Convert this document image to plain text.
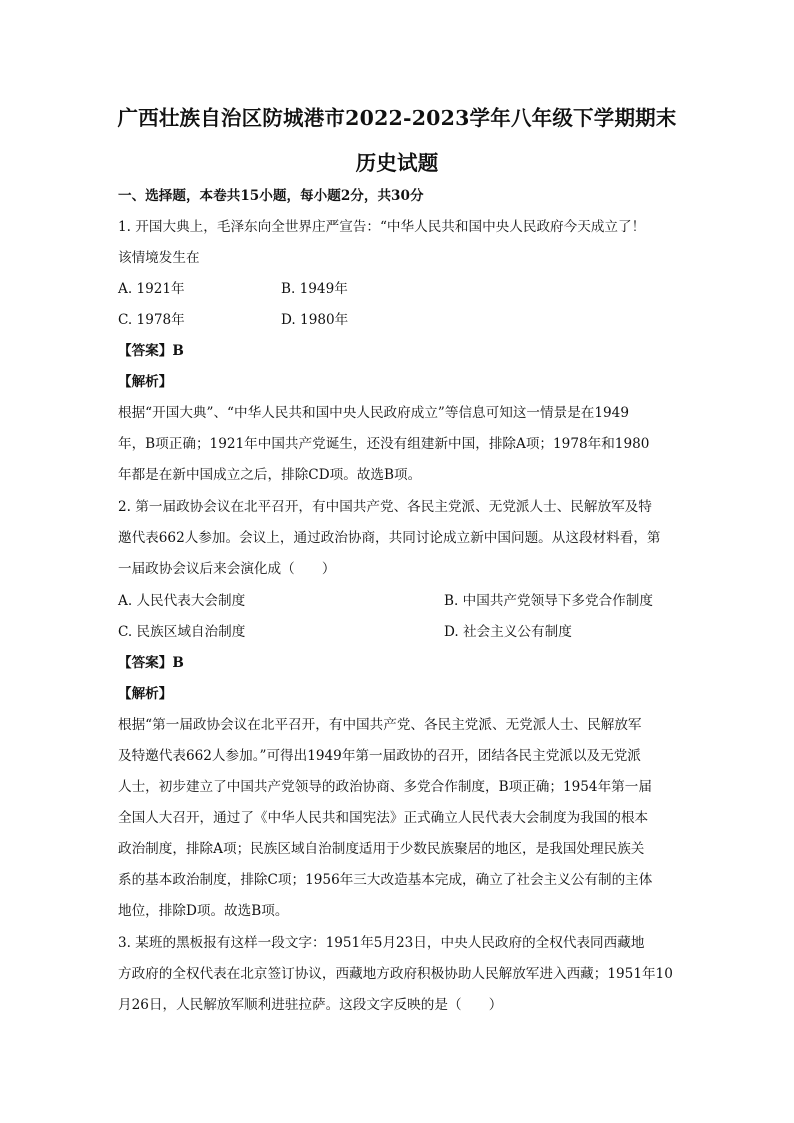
广西壮族自治区防城港市2022-2023学年八年级下学期期末
历史试题
一、选择题，本卷共15小题，每小题2分，共30分
1. 开国大典上，毛泽东向全世界庄严宣告：“中华人民共和国中央人民政府今天成立了！
该情境发生在
A. 1921年	B. 1949年
C. 1978年	D. 1980年
【答案】B
【解析】
根据“开国大典”、“中华人民共和国中央人民政府成立”等信息可知这一情景是在1949
年，B项正确；1921年中国共产党诞生，还没有组建新中国，排除A项；1978年和1980
年都是在新中国成立之后，排除CD项。故选B项。
2. 第一届政协会议在北平召开，有中国共产党、各民主党派、无党派人士、民解放军及特
邀代表662人参加。会议上，通过政治协商，共同讨论成立新中国问题。从这段材料看，第
一届政协会议后来会演化成（　　）
A. 人民代表大会制度	B. 中国共产党领导下多党合作制度
C. 民族区域自治制度	D. 社会主义公有制度
【答案】B
【解析】
根据“第一届政协会议在北平召开，有中国共产党、各民主党派、无党派人士、民解放军
及特邀代表662人参加。”可得出1949年第一届政协的召开，团结各民主党派以及无党派
人士，初步建立了中国共产党领导的政治协商、多党合作制度，B项正确；1954年第一届
全国人大召开，通过了《中华人民共和国宪法》正式确立人民代表大会制度为我国的根本
政治制度，排除A项；民族区域自治制度适用于少数民族聚居的地区，是我国处理民族关
系的基本政治制度，排除C项；1956年三大改造基本完成，确立了社会主义公有制的主体
地位，排除D项。故选B项。
3. 某班的黑板报有这样一段文字：1951年5月23日，中央人民政府的全权代表同西藏地
方政府的全权代表在北京签订协议，西藏地方政府积极协助人民解放军进入西藏；1951年10
月26日，人民解放军顺利进驻拉萨。这段文字反映的是（　　）
